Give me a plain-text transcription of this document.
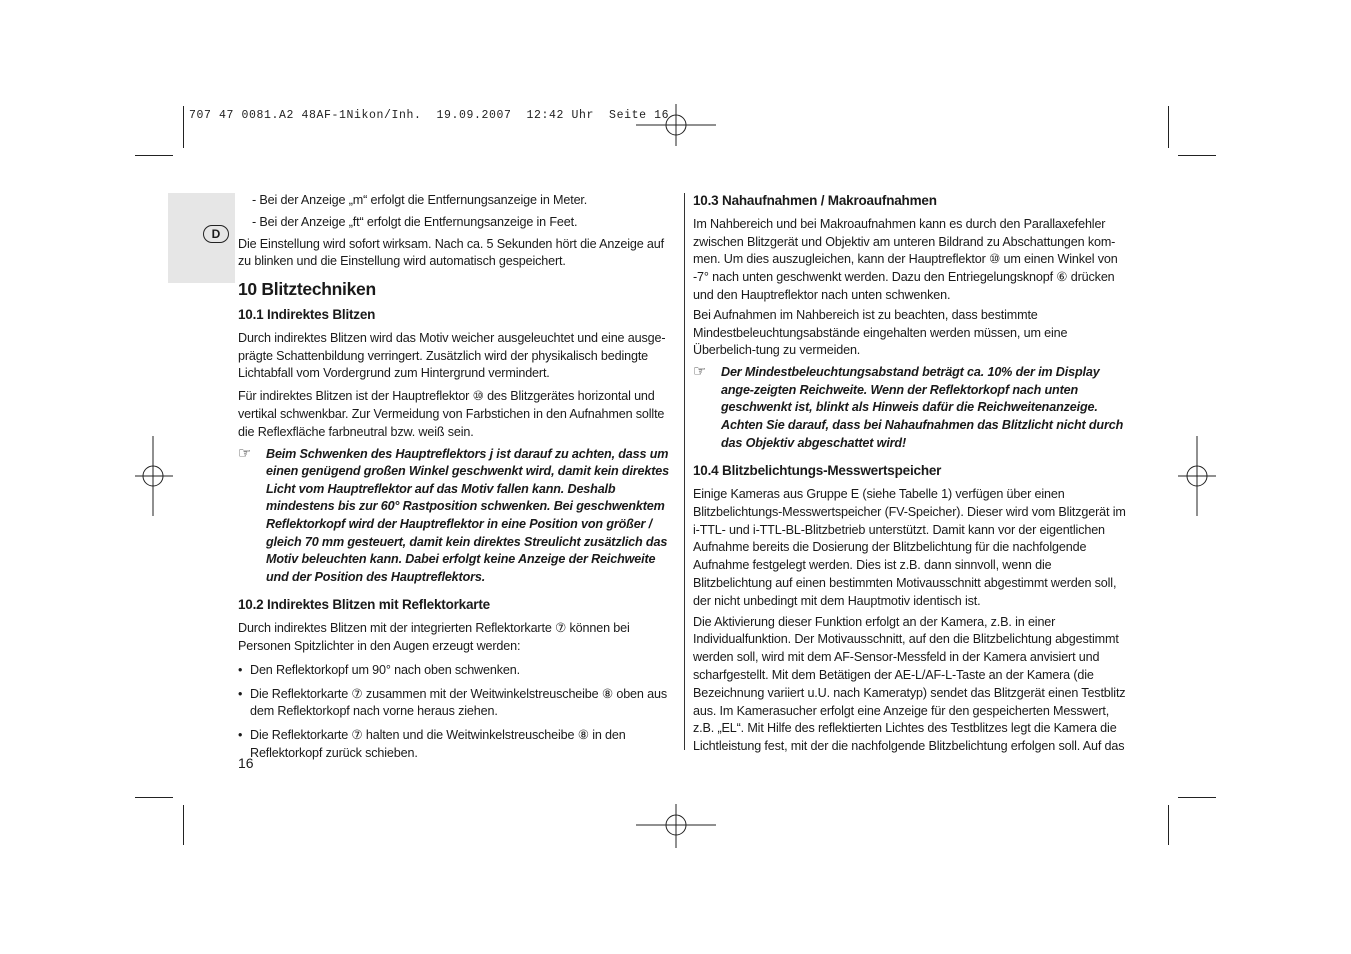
707 47 0081.A2 48AF-1Nikon/Inh.  19.09.2007  12:42 Uhr  Seite 16
D

- Bei der Anzeige „m“ erfolgt die Entfernungsanzeige in Meter.

- Bei der Anzeige „ft“ erfolgt die Entfernungsanzeige in Feet.

Die Einstellung wird sofort wirksam. Nach ca. 5 Sekunden hört die Anzeige auf zu blinken und die Einstellung wird automatisch gespeichert.

10 Blitztechniken
10.1 Indirektes Blitzen

Durch indirektes Blitzen wird das Motiv weicher ausgeleuchtet und eine ausge-prägte Schattenbildung verringert. Zusätzlich wird der physikalisch bedingte Lichtabfall vom Vordergrund zum Hintergrund vermindert.

Für indirektes Blitzen ist der Hauptreflektor ⑩ des Blitzgerätes horizontal und vertikal schwenkbar. Zur Vermeidung von Farbstichen in den Aufnahmen sollte die Reflexfläche farbneutral bzw. weiß sein.

☞ Beim Schwenken des Hauptreflektors j ist darauf zu achten, dass um einen genügend großen Winkel geschwenkt wird, damit kein direktes Licht vom Hauptreflektor auf das Motiv fallen kann. Deshalb mindestens bis zur 60° Rastposition schwenken. Bei geschwenktem Reflektorkopf wird der Hauptreflektor in eine Position von größer / gleich 70 mm gesteuert, damit kein direktes Streulicht zusätzlich das Motiv beleuchten kann. Dabei erfolgt keine Anzeige der Reichweite und der Position des Hauptreflektors.
10.2 Indirektes Blitzen mit Reflektorkarte

Durch indirektes Blitzen mit der integrierten Reflektorkarte ⑦ können bei Personen Spitzlichter in den Augen erzeugt werden:

• Den Reflektorkopf um 90° nach oben schwenken.
• Die Reflektorkarte ⑦ zusammen mit der Weitwinkelstreuscheibe ⑧ oben aus dem Reflektorkopf nach vorne heraus ziehen.
• Die Reflektorkarte ⑦ halten und die Weitwinkelstreuscheibe ⑧ in den Reflektorkopf zurück schieben.
10.3 Nahaufnahmen / Makroaufnahmen

Im Nahbereich und bei Makroaufnahmen kann es durch den Parallaxefehler zwischen Blitzgerät und Objektiv am unteren Bildrand zu Abschattungen kom-men. Um dies auszugleichen, kann der Hauptreflektor ⑩ um einen Winkel von -7° nach unten geschwenkt werden. Dazu den Entriegelungsknopf ⑥ drücken und den Hauptreflektor nach unten schwenken.

Bei Aufnahmen im Nahbereich ist zu beachten, dass bestimmte Mindestbeleuchtungsabstände eingehalten werden müssen, um eine Überbelich-tung zu vermeiden.

☞ Der Mindestbeleuchtungsabstand beträgt ca. 10% der im Display ange-zeigten Reichweite. Wenn der Reflektorkopf nach unten geschwenkt ist, blinkt als Hinweis dafür die Reichweitenanzeige. Achten Sie darauf, dass bei Nahaufnahmen das Blitzlicht nicht durch das Objektiv abgeschattet wird!
10.4 Blitzbelichtungs-Messwertspeicher

Einige Kameras aus Gruppe E (siehe Tabelle 1) verfügen über einen Blitzbelichtungs-Messwertspeicher (FV-Speicher). Dieser wird vom Blitzgerät im i-TTL- und i-TTL-BL-Blitzbetrieb unterstützt. Damit kann vor der eigentlichen Aufnahme bereits die Dosierung der Blitzbelichtung für die nachfolgende Aufnahme festgelegt werden. Dies ist z.B. dann sinnvoll, wenn die Blitzbelichtung auf einen bestimmten Motivausschnitt abgestimmt werden soll, der nicht unbedingt mit dem Hauptmotiv identisch ist.

Die Aktivierung dieser Funktion erfolgt an der Kamera, z.B. in einer Individualfunktion. Der Motivausschnitt, auf den die Blitzbelichtung abgestimmt werden soll, wird mit dem AF-Sensor-Messfeld in der Kamera anvisiert und scharfgestellt. Mit dem Betätigen der AE-L/AF-L-Taste an der Kamera (die Bezeichnung variiert u.U. nach Kameratyp) sendet das Blitzgerät einen Testblitz aus. Im Kamerasucher erfolgt eine Anzeige für den gespeicherten Messwert, z.B. „EL“. Mit Hilfe des reflektierten Lichtes des Testblitzes legt die Kamera die Lichtleistung fest, mit der die nachfolgende Blitzbelichtung erfolgen soll. Auf das

16
